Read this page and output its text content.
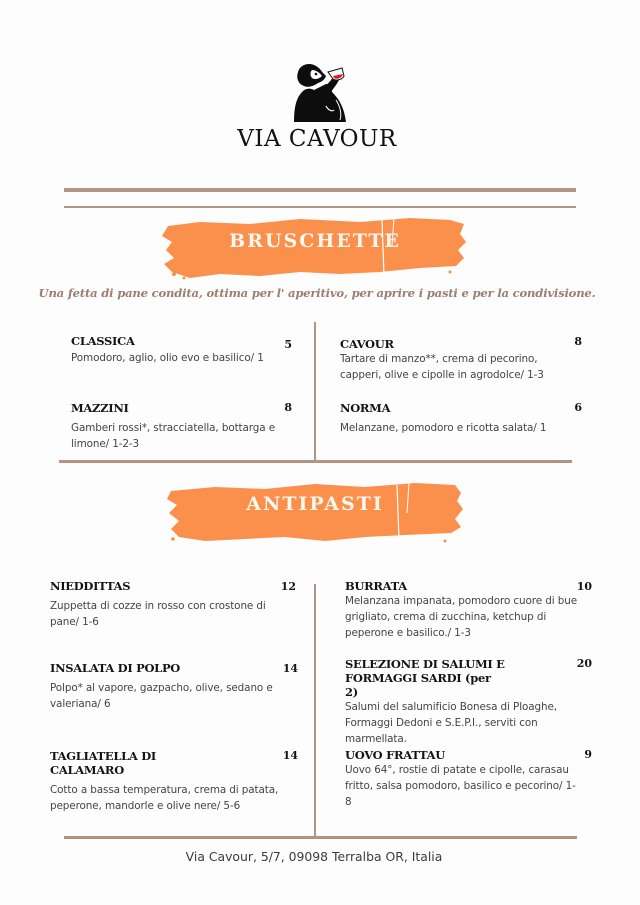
VIA CAVOUR
BRUSCHETTE
Una fetta di pane condita, ottima per l' aperitivo, per aprire i pasti e per la condivisione.
CLASSICA
Pomodoro, aglio, olio evo e basilico/ 1
5
MAZZINI
Gamberi rossi*, stracciatella, bottarga e limone/ 1-2-3
8
CAVOUR
Tartare di manzo**, crema di pecorino, capperi, olive e cipolle in agrodolce/ 1-3
8
NORMA
Melanzane, pomodoro e ricotta salata/ 1
6
ANTIPASTI
NIEDDITTAS
Zuppetta di cozze in rosso con crostone di pane/ 1-6
12
INSALATA DI POLPO
Polpo* al vapore, gazpacho, olive, sedano e valeriana/ 6
14
TAGLIATELLA DI CALAMARO
Cotto a bassa temperatura, crema di patata, peperone, mandorle e olive nere/ 5-6
14
BURRATA
Melanzana impanata, pomodoro cuore di bue grigliato, crema di zucchina, ketchup di peperone e basilico./ 1-3
10
SELEZIONE DI SALUMI E FORMAGGI SARDI (per 2)
Salumi del salumificio Bonesa di Ploaghe, Formaggi Dedoni e S.E.P.I., serviti con marmellata.
20
UOVO FRATTAU
Uovo 64°, rostie di patate e cipolle, carasau fritto, salsa pomodoro, basilico e pecorino/ 1-8
9
Via Cavour, 5/7, 09098 Terralba OR, Italia
